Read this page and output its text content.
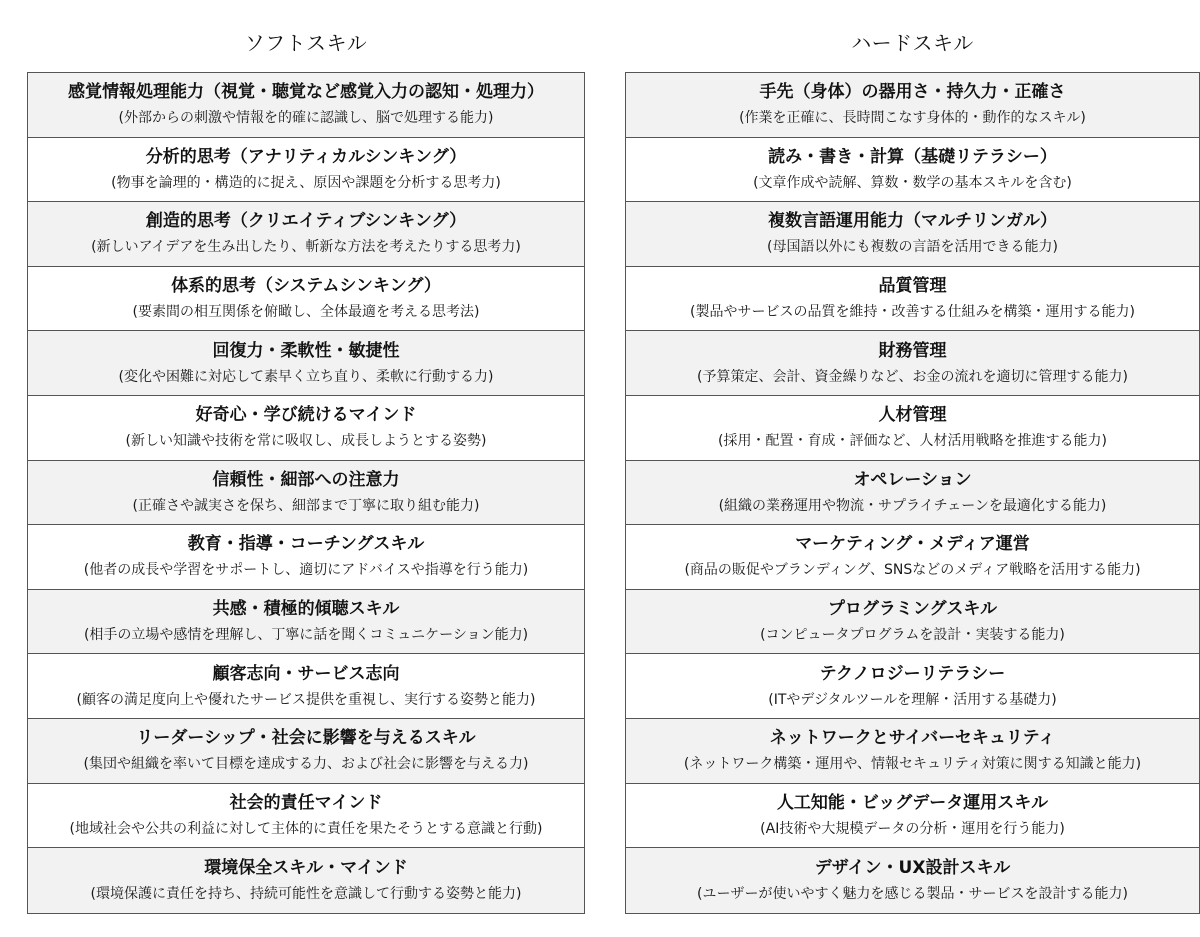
ソフトスキル
感覚情報処理能力（視覚・聴覚など感覚入力の認知・処理力）
(外部からの刺激や情報を的確に認識し、脳で処理する能力)
分析的思考（アナリティカルシンキング）
(物事を論理的・構造的に捉え、原因や課題を分析する思考力)
創造的思考（クリエイティブシンキング）
(新しいアイデアを生み出したり、斬新な方法を考えたりする思考力)
体系的思考（システムシンキング）
(要素間の相互関係を俯瞰し、全体最適を考える思考法)
回復力・柔軟性・敏捷性
(変化や困難に対応して素早く立ち直り、柔軟に行動する力)
好奇心・学び続けるマインド
(新しい知識や技術を常に吸収し、成長しようとする姿勢)
信頼性・細部への注意力
(正確さや誠実さを保ち、細部まで丁寧に取り組む能力)
教育・指導・コーチングスキル
(他者の成長や学習をサポートし、適切にアドバイスや指導を行う能力)
共感・積極的傾聴スキル
(相手の立場や感情を理解し、丁寧に話を聞くコミュニケーション能力)
顧客志向・サービス志向
(顧客の満足度向上や優れたサービス提供を重視し、実行する姿勢と能力)
リーダーシップ・社会に影響を与えるスキル
(集団や組織を率いて目標を達成する力、および社会に影響を与える力)
社会的責任マインド
(地域社会や公共の利益に対して主体的に責任を果たそうとする意識と行動)
環境保全スキル・マインド
(環境保護に責任を持ち、持続可能性を意識して行動する姿勢と能力)
ハードスキル
手先（身体）の器用さ・持久力・正確さ
(作業を正確に、長時間こなす身体的・動作的なスキル)
読み・書き・計算（基礎リテラシー）
(文章作成や読解、算数・数学の基本スキルを含む)
複数言語運用能力（マルチリンガル）
(母国語以外にも複数の言語を活用できる能力)
品質管理
(製品やサービスの品質を維持・改善する仕組みを構築・運用する能力)
財務管理
(予算策定、会計、資金繰りなど、お金の流れを適切に管理する能力)
人材管理
(採用・配置・育成・評価など、人材活用戦略を推進する能力)
オペレーション
(組織の業務運用や物流・サプライチェーンを最適化する能力)
マーケティング・メディア運営
(商品の販促やブランディング、SNSなどのメディア戦略を活用する能力)
プログラミングスキル
(コンピュータプログラムを設計・実装する能力)
テクノロジーリテラシー
(ITやデジタルツールを理解・活用する基礎力)
ネットワークとサイバーセキュリティ
(ネットワーク構築・運用や、情報セキュリティ対策に関する知識と能力)
人工知能・ビッグデータ運用スキル
(AI技術や大規模データの分析・運用を行う能力)
デザイン・UX設計スキル
(ユーザーが使いやすく魅力を感じる製品・サービスを設計する能力)
